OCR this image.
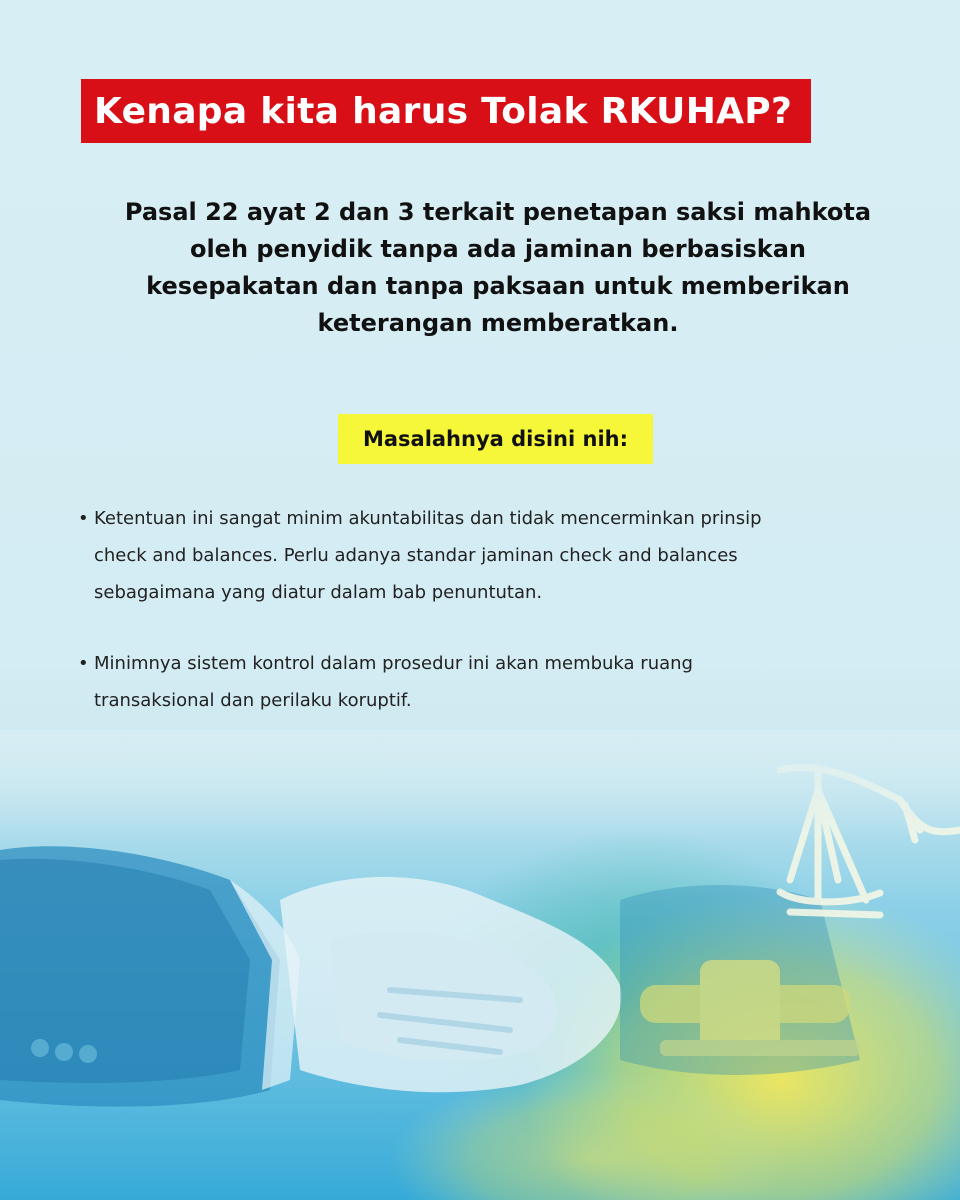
Kenapa kita harus Tolak RKUHAP?
Pasal 22 ayat 2 dan 3 terkait penetapan saksi mahkota
oleh penyidik tanpa ada jaminan berbasiskan
kesepakatan dan tanpa paksaan untuk memberikan
keterangan memberatkan.
Masalahnya disini nih:
• Ketentuan ini sangat minim akuntabilitas dan tidak mencerminkan prinsip
check and balances. Perlu adanya standar jaminan check and balances
sebagaimana yang diatur dalam bab penuntutan.
• Minimnya sistem kontrol dalam prosedur ini akan membuka ruang
transaksional dan perilaku koruptif.
